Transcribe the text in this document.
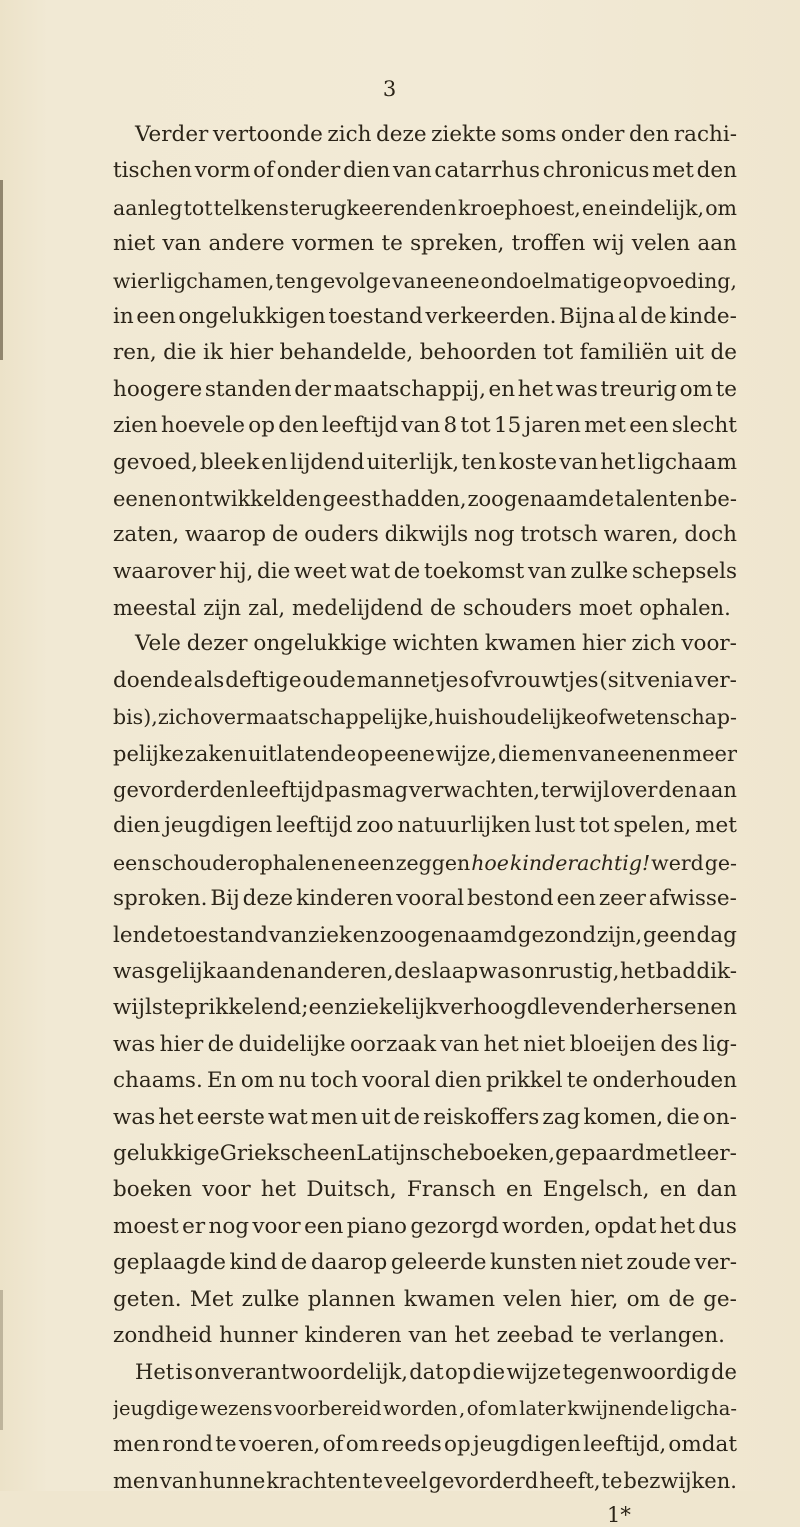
3
Verder vertoonde zich deze ziekte soms onder den rachi-
tischen vorm of onder dien van catarrhus chronicus met den
aanleg tot telkens terugkeerenden kroephoest, en eindelijk, om
niet van andere vormen te spreken, troffen wij velen aan
wier ligchamen, ten gevolge van eene ondoelmatige opvoeding,
in een ongelukkigen toestand verkeerden. Bijna al de kinde-
ren, die ik hier behandelde, behoorden tot familiën uit de
hoogere standen der maatschappij, en het was treurig om te
zien hoevele op den leeftijd van 8 tot 15 jaren met een slecht
gevoed, bleek en lijdend uiterlijk, ten koste van het ligchaam
eenen ontwikkelden geest hadden, zoogenaamde talenten be-
zaten, waarop de ouders dikwijls nog trotsch waren, doch
waarover hij, die weet wat de toekomst van zulke schepsels
meestal zijn zal, medelijdend de schouders moet ophalen.
Vele dezer ongelukkige wichten kwamen hier zich voor-
doende als deftige oude mannetjes of vrouwtjes (sit venia ver-
bis), zich over maatschappelijke, huishoudelijke of wetenschap-
pelijke zaken uitlatende op eene wijze, die men van eenen meer
gevorderden leeftijd pas mag verwachten, terwijl over den aan
dien jeugdigen leeftijd zoo natuurlijken lust tot spelen, met
een schouderophalen en een zeggen hoe kinderachtig! werd ge-
sproken. Bij deze kinderen vooral bestond een zeer afwisse-
lende toestand van ziek en zoogenaamd gezond zijn, geen dag
was gelijk aan den anderen, de slaap was onrustig, het bad dik-
wijls te prikkelend; een ziekelijk verhoogd leven der hersenen
was hier de duidelijke oorzaak van het niet bloeijen des lig-
chaams. En om nu toch vooral dien prikkel te onderhouden
was het eerste wat men uit de reiskoffers zag komen, die on-
gelukkige Grieksche en Latijnsche boeken, gepaard met leer-
boeken voor het Duitsch, Fransch en Engelsch, en dan
moest er nog voor een piano gezorgd worden, opdat het dus
geplaagde kind de daarop geleerde kunsten niet zoude ver-
geten. Met zulke plannen kwamen velen hier, om de ge-
zondheid hunner kinderen van het zeebad te verlangen.
Het is onverantwoordelijk, dat op die wijze tegenwoordig de
jeugdige wezens voorbereid worden , of om later kwijnende ligcha-
men rond te voeren, of om reeds op jeugdigen leeftijd, omdat
men van hunne krachten te veel gevorderd heeft, te bezwijken.
1*
